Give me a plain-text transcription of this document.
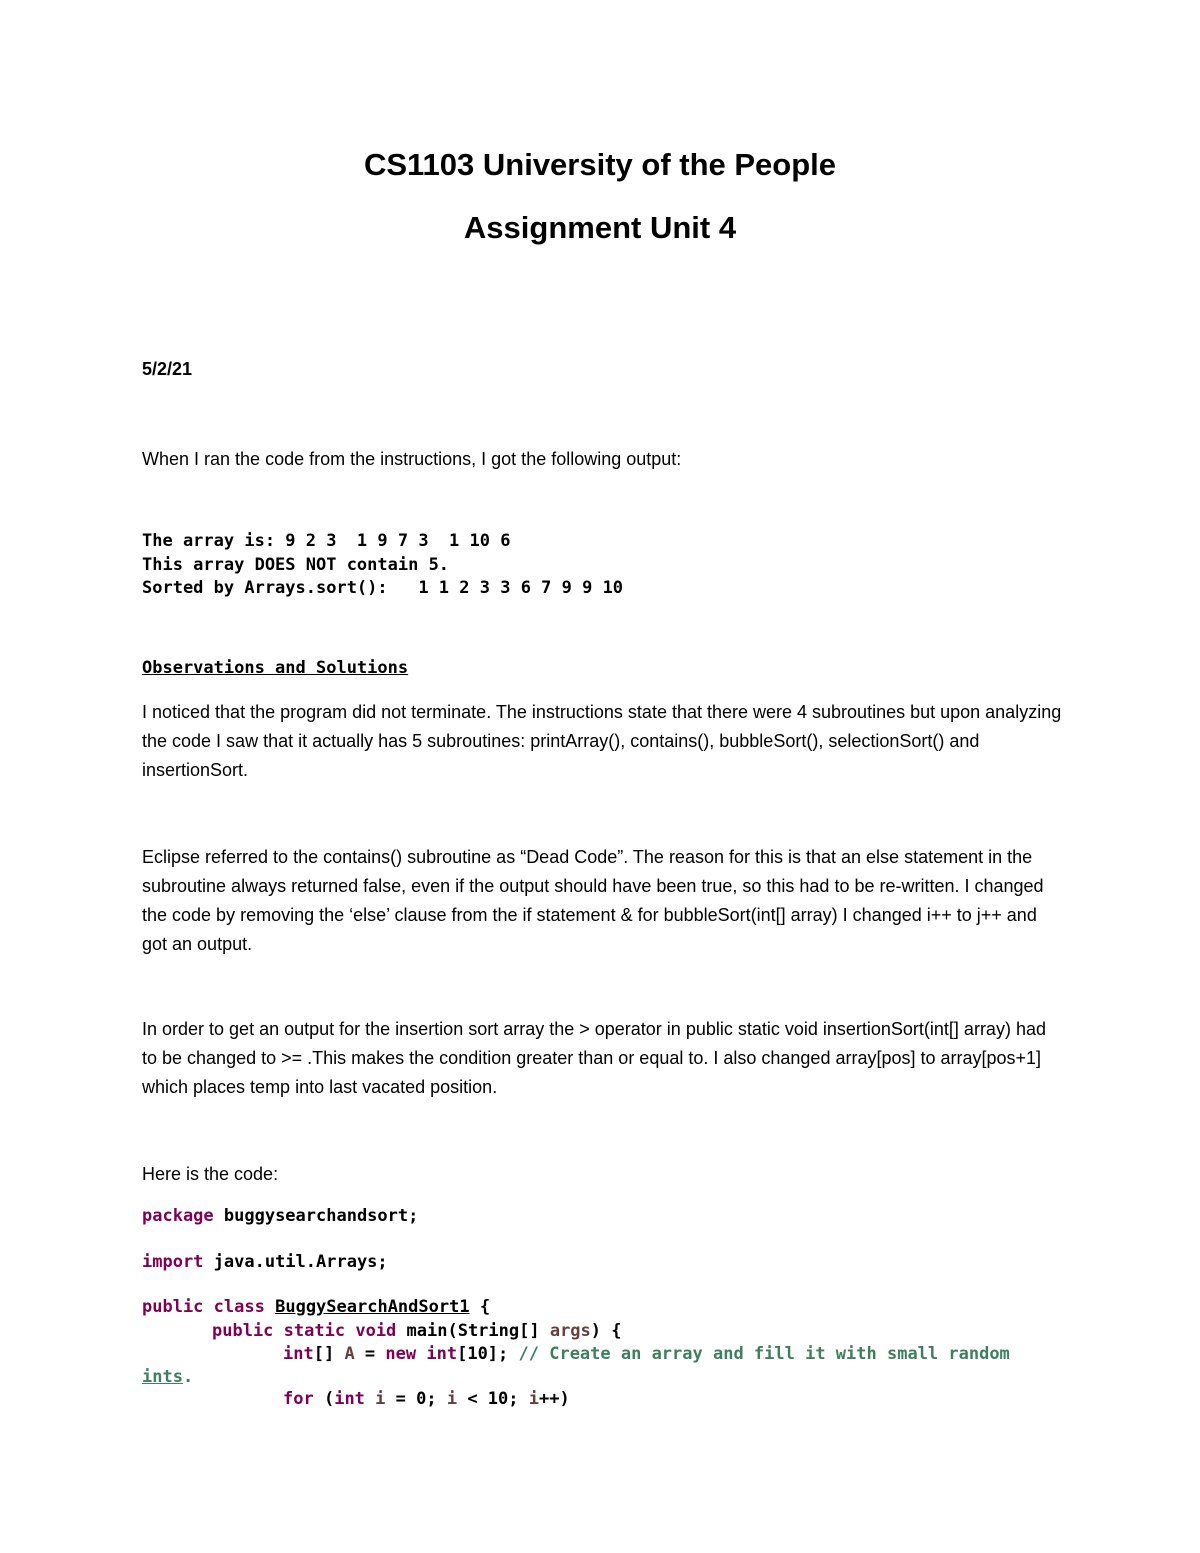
CS1103 University of the People
Assignment Unit 4
5/2/21
When I ran the code from the instructions, I got the following output:
The array is: 9 2 3  1 9 7 3  1 10 6
This array DOES NOT contain 5.
Sorted by Arrays.sort():   1 1 2 3 3 6 7 9 9 10
Observations and Solutions
I noticed that the program did not terminate. The instructions state that there were 4 subroutines but upon analyzing the code I saw that it actually has 5 subroutines: printArray(), contains(), bubbleSort(), selectionSort() and insertionSort.
Eclipse referred to the contains() subroutine as “Dead Code”. The reason for this is that an else statement in the subroutine always returned false, even if the output should have been true, so this had to be re-written. I changed the code by removing the ‘else’ clause from the if statement & for bubbleSort(int[] array) I changed i++ to j++ and got an output.
In order to get an output for the insertion sort array the > operator in public static void insertionSort(int[] array) had to be changed to >= .This makes the condition greater than or equal to. I also changed array[pos] to array[pos+1] which places temp into last vacated position.
Here is the code:
package buggysearchandsort;
import java.util.Arrays;
public class BuggySearchAndSort1 {
public static void main(String[] args) {
int[] A = new int[10]; // Create an array and fill it with small random
ints.
for (int i = 0; i < 10; i++)
